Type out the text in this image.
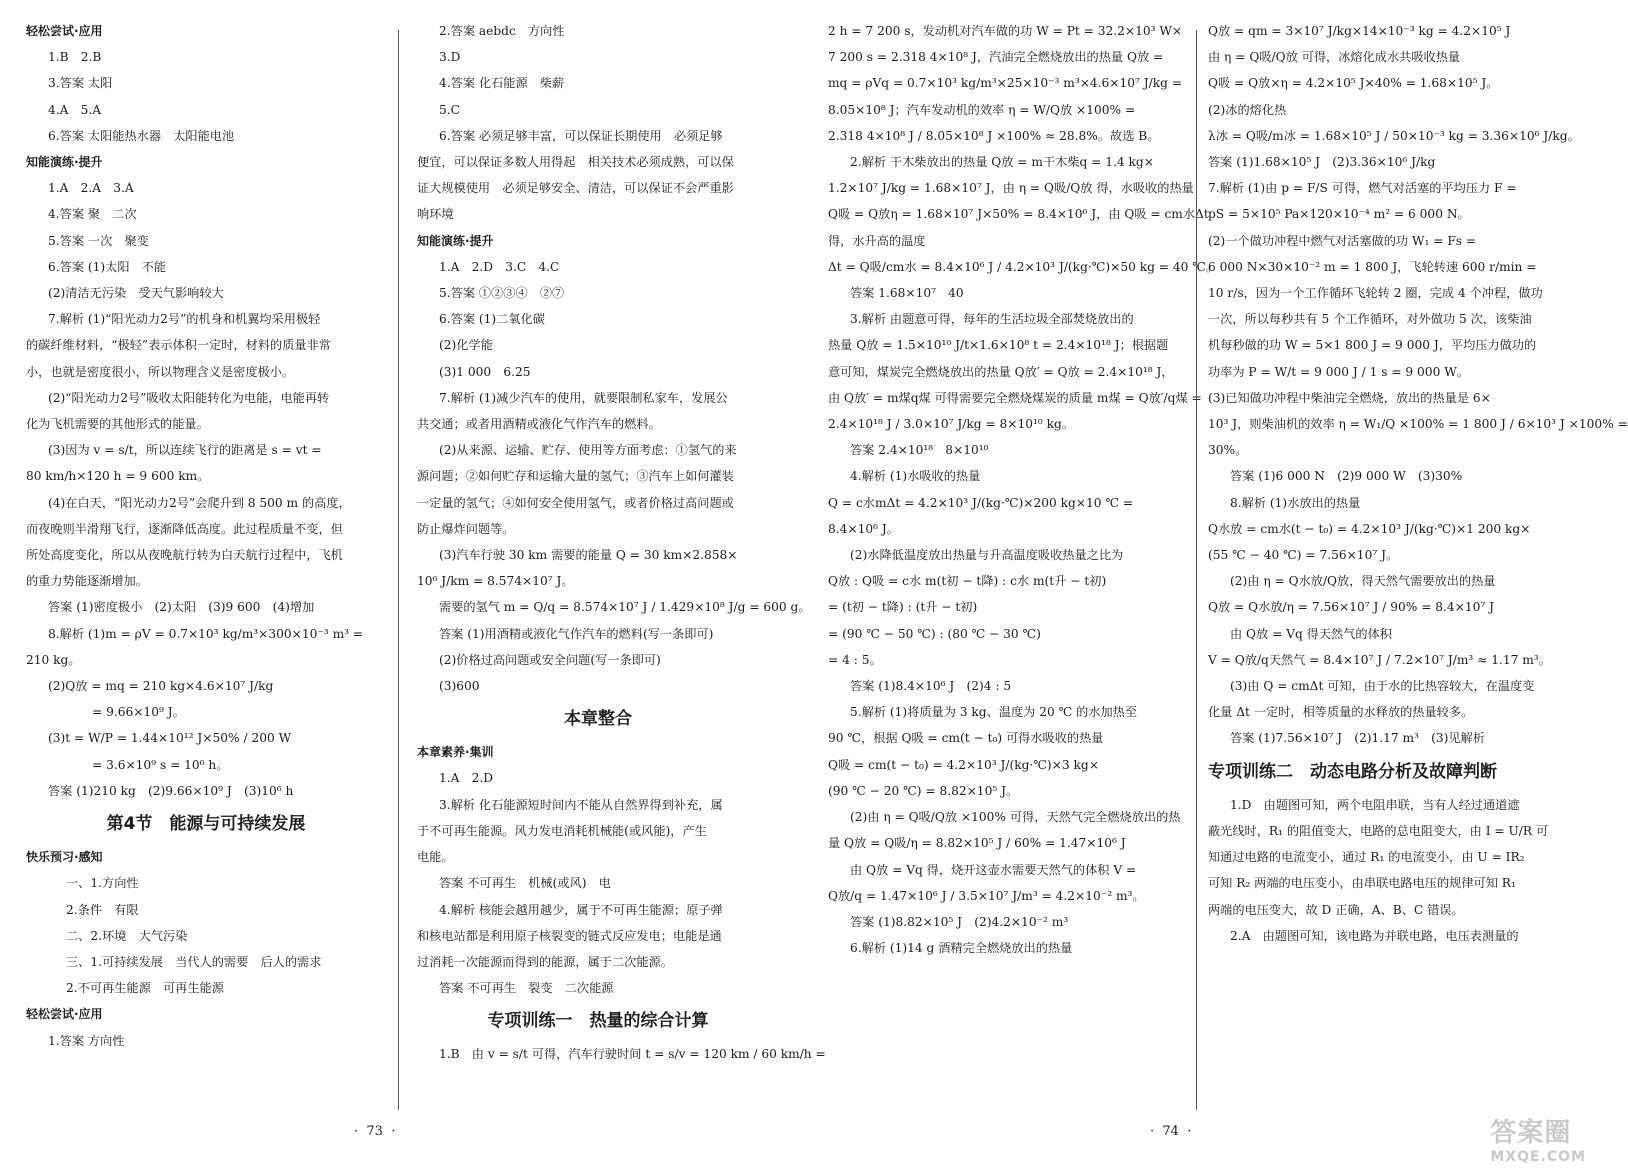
轻松尝试·应用
1.B　2.B
3.答案 太阳
4.A　5.A
6.答案 太阳能热水器　太阳能电池
知能演练·提升
1.A　2.A　3.A
4.答案 聚　二次
5.答案 一次　聚变
6.答案 (1)太阳　不能
(2)清洁无污染　受天气影响较大
7.解析 (1)“阳光动力2号”的机身和机翼均采用极轻
的碳纤维材料，“极轻”表示体积一定时，材料的质量非常
小，也就是密度很小，所以物理含义是密度极小。
(2)“阳光动力2号”吸收太阳能转化为电能，电能再转
化为飞机需要的其他形式的能量。
(3)因为 v = s/t，所以连续飞行的距离是 s = vt =
80 km/h×120 h = 9 600 km。
(4)在白天，“阳光动力2号”会爬升到 8 500 m 的高度，
而夜晚则半滑翔飞行，逐渐降低高度。此过程质量不变，但
所处高度变化，所以从夜晚航行转为白天航行过程中，飞机
的重力势能逐渐增加。
答案 (1)密度极小　(2)太阳　(3)9 600　(4)增加
8.解析 (1)m = ρV = 0.7×10³ kg/m³×300×10⁻³ m³ =
210 kg。
(2)Q放 = mq = 210 kg×4.6×10⁷ J/kg
= 9.66×10⁹ J。
(3)t = W/P = 1.44×10¹² J×50% / 200 W
= 3.6×10⁹ s = 10⁶ h。
答案 (1)210 kg　(2)9.66×10⁹ J　(3)10⁶ h
第4节　能源与可持续发展
快乐预习·感知
一、1.方向性
2.条件　有限
二、2.环境　大气污染
三、1.可持续发展　当代人的需要　后人的需求
2.不可再生能源　可再生能源
轻松尝试·应用
1.答案 方向性
2.答案 aebdc　方向性
3.D
4.答案 化石能源　柴薪
5.C
6.答案 必须足够丰富，可以保证长期使用　必须足够
便宜，可以保证多数人用得起　相关技术必须成熟，可以保
证大规模使用　必须足够安全、清洁，可以保证不会严重影
响环境
知能演练·提升
1.A　2.D　3.C　4.C
5.答案 ①②③④　②⑦
6.答案 (1)二氧化碳
(2)化学能
(3)1 000　6.25
7.解析 (1)减少汽车的使用，就要限制私家车，发展公
共交通；或者用酒精或液化气作汽车的燃料。
(2)从来源、运输、贮存、使用等方面考虑：①氢气的来
源问题；②如何贮存和运输大量的氢气；③汽车上如何灌装
一定量的氢气；④如何安全使用氢气，或者价格过高问题或
防止爆炸问题等。
(3)汽车行驶 30 km 需要的能量 Q = 30 km×2.858×
10⁶ J/km = 8.574×10⁷ J。
需要的氢气 m = Q/q = 8.574×10⁷ J / 1.429×10⁸ J/g = 600 g。
答案 (1)用酒精或液化气作汽车的燃料(写一条即可)
(2)价格过高问题或安全问题(写一条即可)
(3)600
本章整合
本章素养·集训
1.A　2.D
3.解析 化石能源短时间内不能从自然界得到补充，属
于不可再生能源。风力发电消耗机械能(或风能)，产生
电能。
答案 不可再生　机械(或风)　电
4.解析 核能会越用越少，属于不可再生能源；原子弹
和核电站都是利用原子核裂变的链式反应发电；电能是通
过消耗一次能源而得到的能源，属于二次能源。
答案 不可再生　裂变　二次能源
专项训练一　热量的综合计算
1.B　由 v = s/t 可得，汽车行驶时间 t = s/v = 120 km / 60 km/h =
2 h = 7 200 s，发动机对汽车做的功 W = Pt = 32.2×10³ W×
7 200 s = 2.318 4×10⁸ J，汽油完全燃烧放出的热量 Q放 =
mq = ρVq = 0.7×10³ kg/m³×25×10⁻³ m³×4.6×10⁷ J/kg =
8.05×10⁸ J；汽车发动机的效率 η = W/Q放 ×100% =
2.318 4×10⁸ J / 8.05×10⁸ J ×100% ≈ 28.8%。故选 B。
2.解析 干木柴放出的热量 Q放 = m干木柴q = 1.4 kg×
1.2×10⁷ J/kg = 1.68×10⁷ J，由 η = Q吸/Q放 得，水吸收的热量
Q吸 = Q放η = 1.68×10⁷ J×50% = 8.4×10⁶ J，由 Q吸 = cm水Δt
得，水升高的温度
Δt = Q吸/cm水 = 8.4×10⁶ J / 4.2×10³ J/(kg·℃)×50 kg = 40 ℃。
答案 1.68×10⁷　40
3.解析 由题意可得，每年的生活垃圾全部焚烧放出的
热量 Q放 = 1.5×10¹⁰ J/t×1.6×10⁸ t = 2.4×10¹⁸ J；根据题
意可知，煤炭完全燃烧放出的热量 Q放′ = Q放 = 2.4×10¹⁸ J，
由 Q放′ = m煤q煤 可得需要完全燃烧煤炭的质量 m煤 = Q放′/q煤 =
2.4×10¹⁸ J / 3.0×10⁷ J/kg = 8×10¹⁰ kg。
答案 2.4×10¹⁸　8×10¹⁰
4.解析 (1)水吸收的热量
Q = c水mΔt = 4.2×10³ J/(kg·℃)×200 kg×10 ℃ =
8.4×10⁶ J。
(2)水降低温度放出热量与升高温度吸收热量之比为
Q放 : Q吸 = c水 m(t初 − t降) : c水 m(t升 − t初)
= (t初 − t降) : (t升 − t初)
= (90 ℃ − 50 ℃) : (80 ℃ − 30 ℃)
= 4 : 5。
答案 (1)8.4×10⁶ J　(2)4 : 5
5.解析 (1)将质量为 3 kg、温度为 20 ℃ 的水加热至
90 ℃，根据 Q吸 = cm(t − t₀) 可得水吸收的热量
Q吸 = cm(t − t₀) = 4.2×10³ J/(kg·℃)×3 kg×
(90 ℃ − 20 ℃) = 8.82×10⁵ J。
(2)由 η = Q吸/Q放 ×100% 可得，天然气完全燃烧放出的热
量 Q放 = Q吸/η = 8.82×10⁵ J / 60% = 1.47×10⁶ J
由 Q放 = Vq 得，烧开这壶水需要天然气的体积 V =
Q放/q = 1.47×10⁶ J / 3.5×10⁷ J/m³ = 4.2×10⁻² m³。
答案 (1)8.82×10⁵ J　(2)4.2×10⁻² m³
6.解析 (1)14 g 酒精完全燃烧放出的热量
Q放 = qm = 3×10⁷ J/kg×14×10⁻³ kg = 4.2×10⁵ J
由 η = Q吸/Q放 可得，冰熔化成水共吸收热量
Q吸 = Q放×η = 4.2×10⁵ J×40% = 1.68×10⁵ J。
(2)冰的熔化热
λ冰 = Q吸/m冰 = 1.68×10⁵ J / 50×10⁻³ kg = 3.36×10⁶ J/kg。
答案 (1)1.68×10⁵ J　(2)3.36×10⁶ J/kg
7.解析 (1)由 p = F/S 可得，燃气对活塞的平均压力 F =
pS = 5×10⁵ Pa×120×10⁻⁴ m² = 6 000 N。
(2)一个做功冲程中燃气对活塞做的功 W₁ = Fs =
6 000 N×30×10⁻² m = 1 800 J，飞轮转速 600 r/min =
10 r/s，因为一个工作循环飞轮转 2 圈，完成 4 个冲程，做功
一次，所以每秒共有 5 个工作循环，对外做功 5 次，该柴油
机每秒做的功 W = 5×1 800 J = 9 000 J，平均压力做功的
功率为 P = W/t = 9 000 J / 1 s = 9 000 W。
(3)已知做功冲程中柴油完全燃烧，放出的热量是 6×
10³ J，则柴油机的效率 η = W₁/Q ×100% = 1 800 J / 6×10³ J ×100% =
30%。
答案 (1)6 000 N　(2)9 000 W　(3)30%
8.解析 (1)水放出的热量
Q水放 = cm水(t − t₀) = 4.2×10³ J/(kg·℃)×1 200 kg×
(55 ℃ − 40 ℃) = 7.56×10⁷ J。
(2)由 η = Q水放/Q放，得天然气需要放出的热量
Q放 = Q水放/η = 7.56×10⁷ J / 90% = 8.4×10⁷ J
由 Q放 = Vq 得天然气的体积
V = Q放/q天然气 = 8.4×10⁷ J / 7.2×10⁷ J/m³ ≈ 1.17 m³。
(3)由 Q = cmΔt 可知，由于水的比热容较大，在温度变
化量 Δt 一定时，相等质量的水释放的热量较多。
答案 (1)7.56×10⁷ J　(2)1.17 m³　(3)见解析
专项训练二　动态电路分析及故障判断
1.D　由题图可知，两个电阻串联，当有人经过通道遮
蔽光线时，R₁ 的阻值变大，电路的总电阻变大，由 I = U/R 可
知通过电路的电流变小，通过 R₁ 的电流变小，由 U = IR₂
可知 R₂ 两端的电压变小，由串联电路电压的规律可知 R₁
两端的电压变大，故 D 正确，A、B、C 错误。
2.A　由题图可知，该电路为并联电路，电压表测量的
·  73  ·	·  74  ·	答案圈
MXQE.COM
